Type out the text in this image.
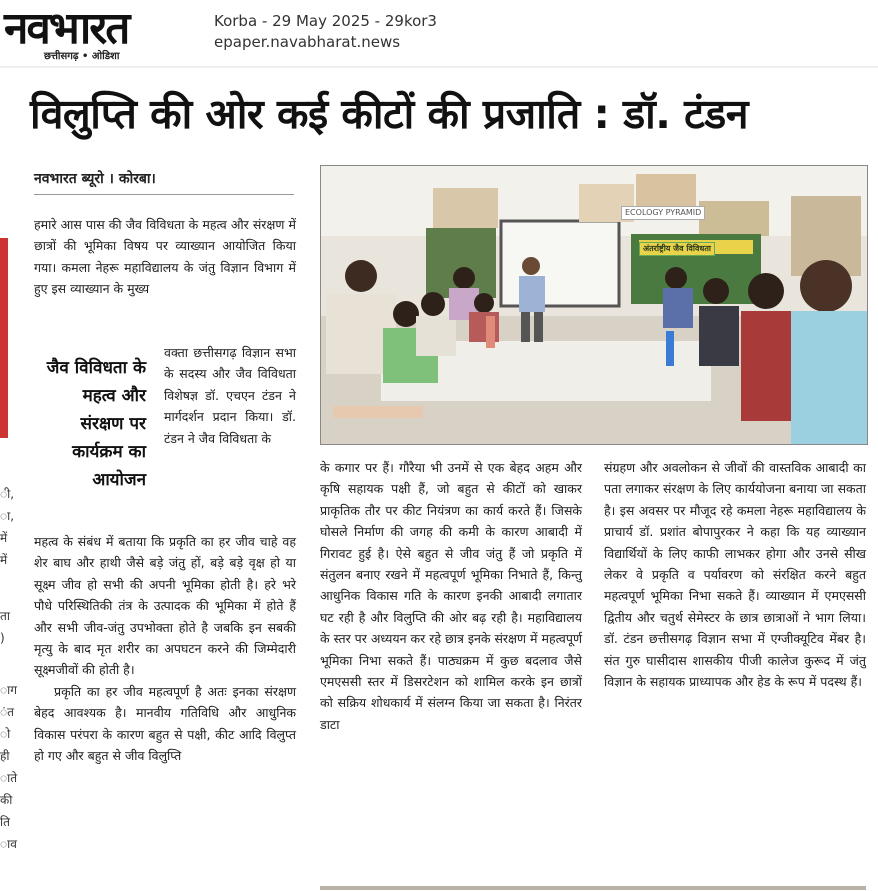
नवभारत
छत्तीसगढ़ • ओडिशा
Korba - 29 May 2025 - 29kor3
epaper.navabharat.news
ी,
ा,
में
में
ता
)
ाग
ंत
ो
ही
ाते
की
ति
ाव
विलुप्ति की ओर कई कीटों की प्रजाति : डॉ. टंडन
नवभारत ब्यूरो । कोरबा।

हमारे आस पास की जैव विविधता के महत्व और संरक्षण में छात्रों की भूमिका विषय पर व्याख्यान आयोजित किया गया। कमला नेहरू महाविद्यालय के जंतु विज्ञान विभाग में हुए इस व्याख्यान के मुख्य

जैव विविधता के महत्व और संरक्षण पर कार्यक्रम का आयोजन

वक्ता छत्तीसगढ़ विज्ञान सभा के सदस्य और जैव विविधता विशेषज्ञ डॉ. एचएन टंडन ने मार्गदर्शन प्रदान किया। डॉ. टंडन ने जैव विविधता के

महत्व के संबंध में बताया कि प्रकृति का हर जीव चाहे वह शेर बाघ और हाथी जैसे बड़े जंतु हों, बड़े बड़े वृक्ष हो या सूक्ष्म जीव हो सभी की अपनी भूमिका होती है। हरे भरे पौधे परिस्थितिकी तंत्र के उत्पादक की भूमिका में होते हैं और सभी जीव-जंतु उपभोक्ता होते है जबकि इन सबकी मृत्यु के बाद मृत शरीर का अपघटन करने की जिम्मेदारी सूक्ष्मजीवों की होती है।

प्रकृति का हर जीव महत्वपूर्ण है अतः इनका संरक्षण बेहद आवश्यक है। मानवीय गतिविधि और आधुनिक विकास परंपरा के कारण बहुत से पक्षी, कीट आदि विलुप्त हो गए और बहुत से जीव विलुप्ति

ECOLOGY PYRAMID
अंतर्राष्ट्रीय जैव विविधता

के कगार पर हैं। गौरैया भी उनमें से एक बेहद अहम और कृषि सहायक पक्षी हैं, जो बहुत से कीटों को खाकर प्राकृतिक तौर पर कीट नियंत्रण का कार्य करते हैं। जिसके घोसले निर्माण की जगह की कमी के कारण आबादी में गिरावट हुई है। ऐसे बहुत से जीव जंतु हैं जो प्रकृति में संतुलन बनाए रखने में महत्वपूर्ण भूमिका निभाते हैं, किन्तु आधुनिक विकास गति के कारण इनकी आबादी लगातार घट रही है और विलुप्ति की ओर बढ़ रही है। महाविद्यालय के स्तर पर अध्ययन कर रहे छात्र इनके संरक्षण में महत्वपूर्ण भूमिका निभा सकते हैं। पाठ्यक्रम में कुछ बदलाव जैसे एमएससी स्तर में डिसरटेशन को शामिल करके इन छात्रों को सक्रिय शोधकार्य में संलग्न किया जा सकता है। निरंतर डाटा

संग्रहण और अवलोकन से जीवों की वास्तविक आबादी का पता लगाकर संरक्षण के लिए कार्ययोजना बनाया जा सकता है। इस अवसर पर मौजूद रहे कमला नेहरू महाविद्यालय के प्राचार्य डॉ. प्रशांत बोपापुरकर ने कहा कि यह व्याख्यान विद्यार्थियों के लिए काफी लाभकर होगा और उनसे सीख लेकर वे प्रकृति व पर्यावरण को संरक्षित करने बहुत महत्वपूर्ण भूमिका निभा सकते हैं। व्याख्यान में एमएससी द्वितीय और चतुर्थ सेमेस्टर के छात्र छात्राओं ने भाग लिया। डॉ. टंडन छत्तीसगढ़ विज्ञान सभा में एग्जीक्यूटिव मेंबर है। संत गुरु घासीदास शासकीय पीजी कालेज कुरूद में जंतु विज्ञान के सहायक प्राध्यापक और हेड के रूप में पदस्थ हैं।
